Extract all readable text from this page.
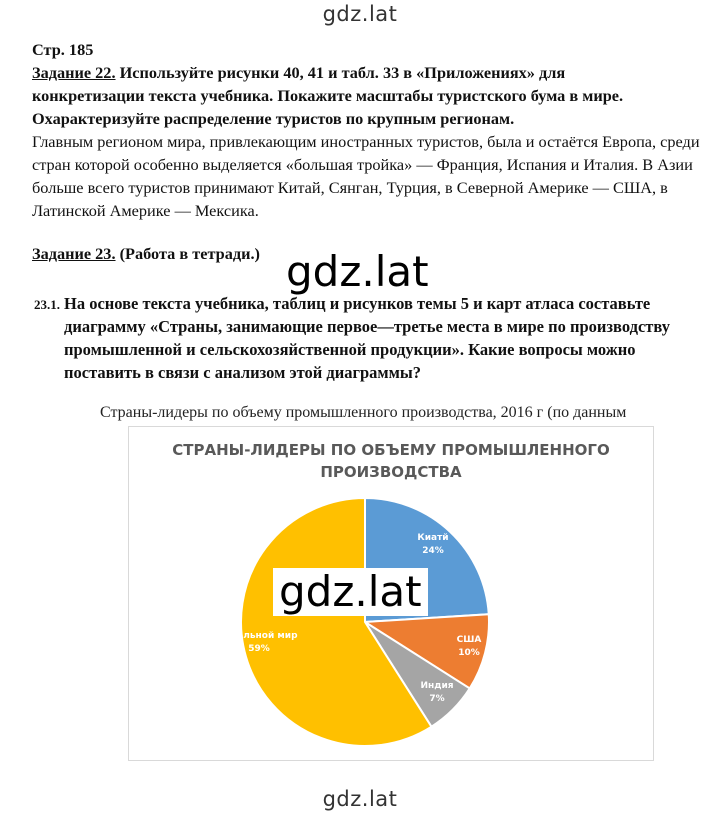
gdz.lat

Стр. 185

Задание 22. Используйте рисунки 40, 41 и табл. 33 в «Приложениях» для

конкретизации текста учебника. Покажите масштабы туристского бума в мире.

Охарактеризуйте распределение туристов по крупным регионам.

Главным регионом мира, привлекающим иностранных туристов, была и остаётся Европа, среди стран которой особенно выделяется «большая тройка» — Франция, Испания и Италия. В Азии больше всего туристов принимают Китай, Сянган, Турция, в Северной Америке — США, в Латинской Америке — Мексика.

Задание 23. (Работа в тетради.) gdz.lat
23.1. На основе текста учебника, таблиц и рисунков темы 5 и карт атласа составьте диаграмму «Страны, занимающие первое—третье места в мире по производству промышленной и сельскохозяйственной продукции». Какие вопросы можно поставить в связи с анализом этой диаграммы?
Страны-лидеры по объему промышленного производства, 2016 г (по данным
СТРАНЫ-ЛИДЕРЫ ПО ОБЪЕМУ ПРОМЫШЛЕННОГО
ПРОИЗВОДСТВА
Киатй
24%
США
10%
Индия
7%
остальной мир
59%
gdz.lat
gdz.lat
